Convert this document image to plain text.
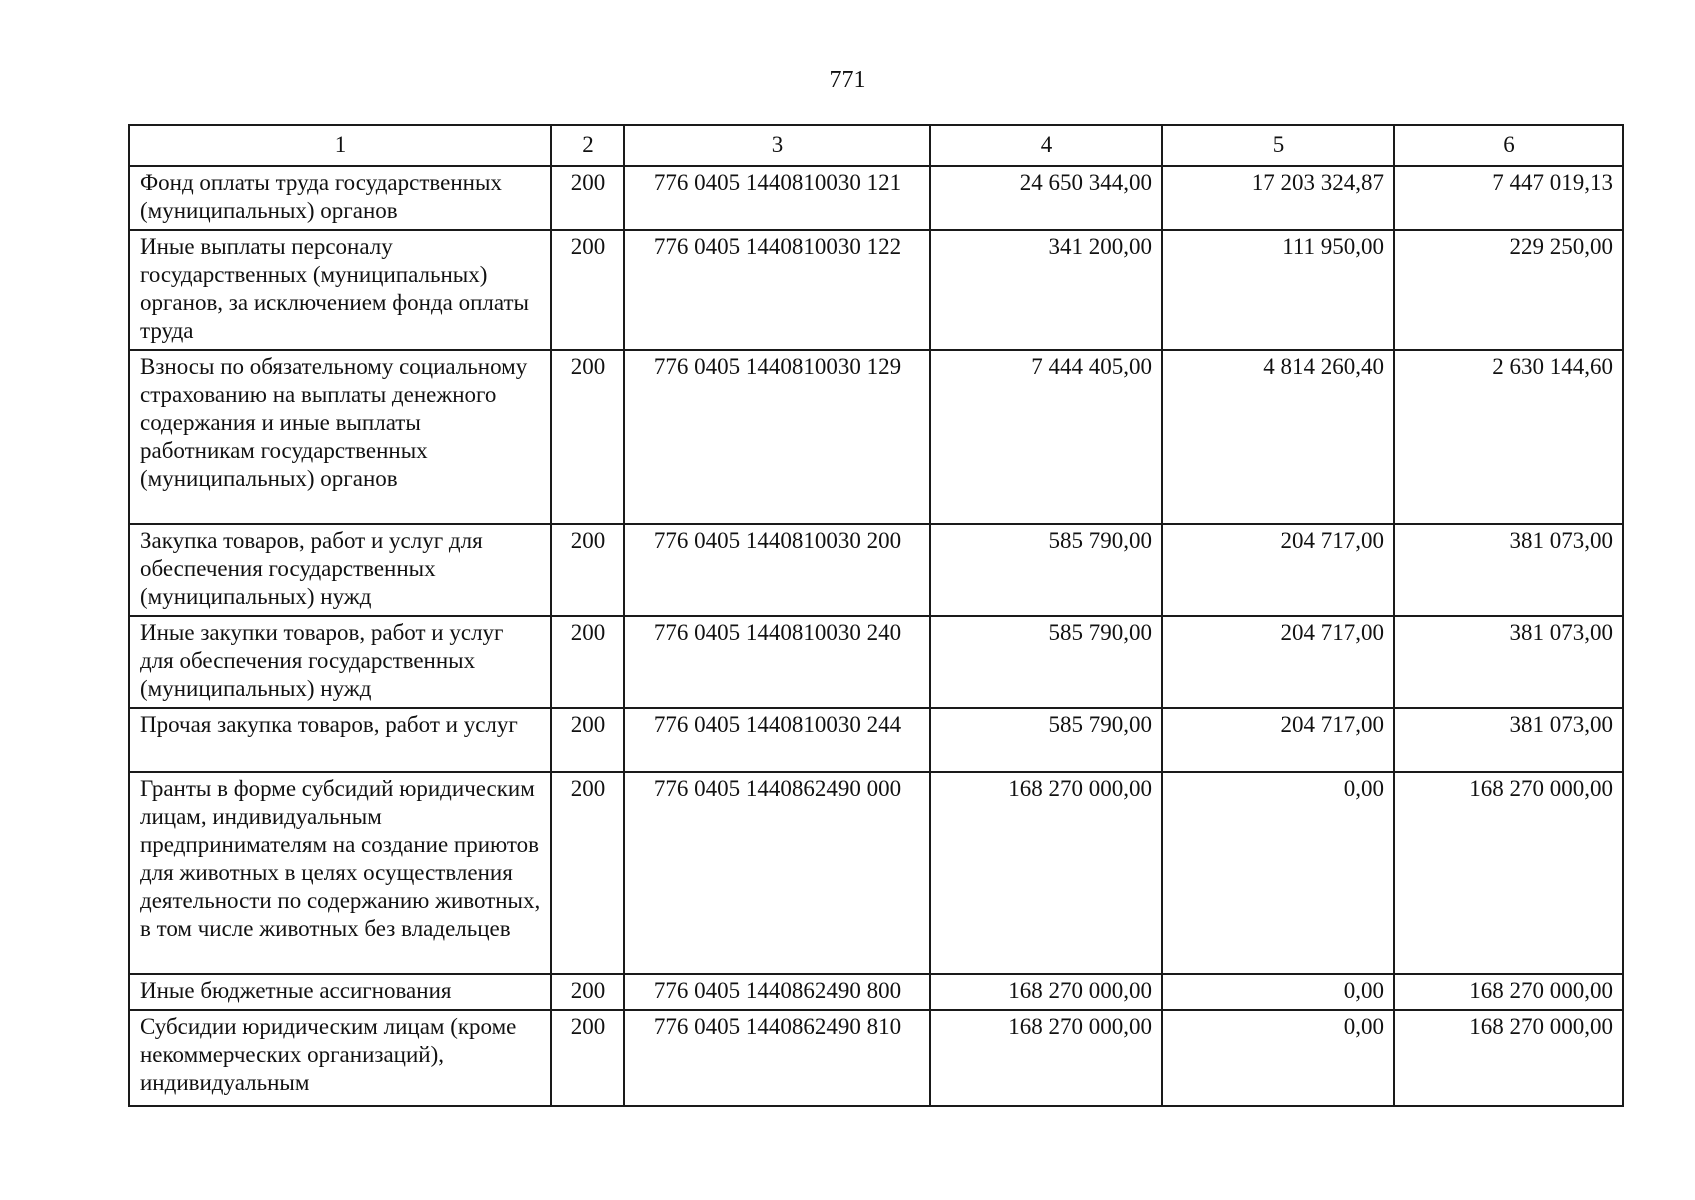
771
1	2	3	4	5	6
Фонд оплаты труда государственных (муниципальных) органов	200	776 0405 1440810030 121	24 650 344,00	17 203 324,87	7 447 019,13
Иные выплаты персоналу государственных (муниципальных) органов, за исключением фонда оплаты труда	200	776 0405 1440810030 122	341 200,00	111 950,00	229 250,00
Взносы по обязательному социальному страхованию на выплаты денежного содержания и иные выплаты работникам государственных (муниципальных) органов	200	776 0405 1440810030 129	7 444 405,00	4 814 260,40	2 630 144,60
Закупка товаров, работ и услуг для обеспечения государственных (муниципальных) нужд	200	776 0405 1440810030 200	585 790,00	204 717,00	381 073,00
Иные закупки товаров, работ и услуг для обеспечения государственных (муниципальных) нужд	200	776 0405 1440810030 240	585 790,00	204 717,00	381 073,00
Прочая закупка товаров, работ и услуг	200	776 0405 1440810030 244	585 790,00	204 717,00	381 073,00
Гранты в форме субсидий юридическим лицам, индивидуальным предпринимателям на создание приютов для животных в целях осуществления деятельности по содержанию животных, в том числе животных без владельцев	200	776 0405 1440862490 000	168 270 000,00	0,00	168 270 000,00
Иные бюджетные ассигнования	200	776 0405 1440862490 800	168 270 000,00	0,00	168 270 000,00
Субсидии юридическим лицам (кроме некоммерческих организаций), индивидуальным	200	776 0405 1440862490 810	168 270 000,00	0,00	168 270 000,00
